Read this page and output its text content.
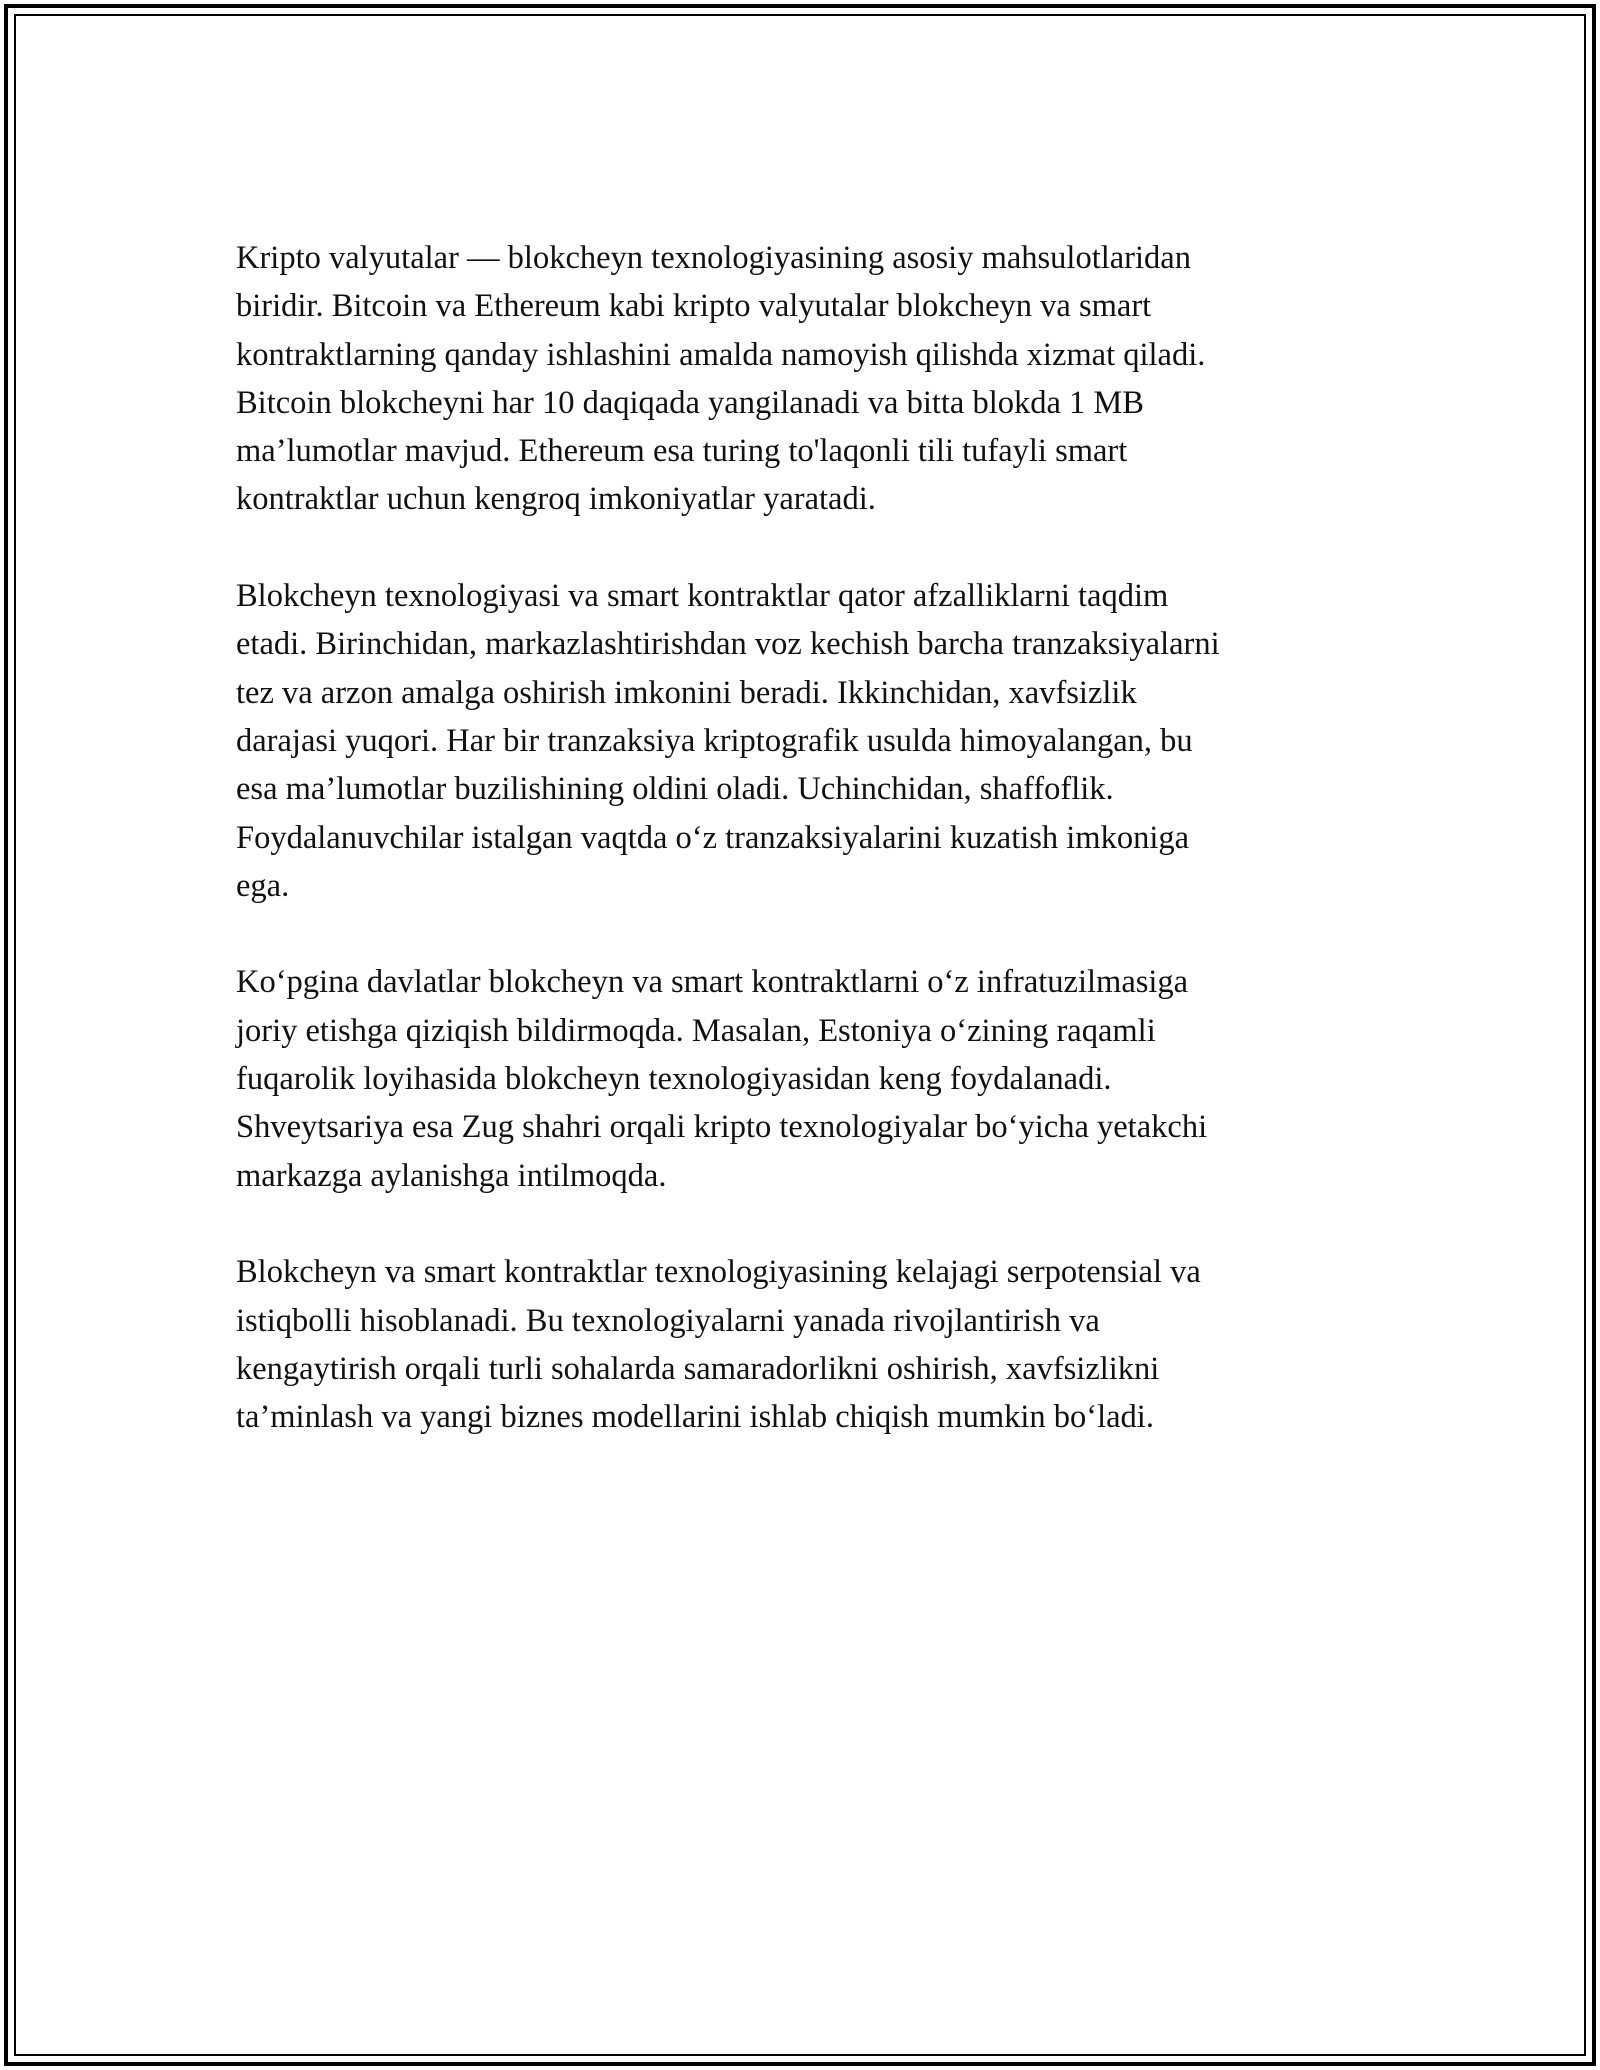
Kripto valyutalar — blokcheyn texnologiyasining asosiy mahsulotlaridan
biridir. Bitcoin va Ethereum kabi kripto valyutalar blokcheyn va smart
kontraktlarning qanday ishlashini amalda namoyish qilishda xizmat qiladi.
Bitcoin blokcheyni har 10 daqiqada yangilanadi va bitta blokda 1 MB
ma’lumotlar mavjud. Ethereum esa turing to'laqonli tili tufayli smart
kontraktlar uchun kengroq imkoniyatlar yaratadi.

Blokcheyn texnologiyasi va smart kontraktlar qator afzalliklarni taqdim
etadi. Birinchidan, markazlashtirishdan voz kechish barcha tranzaksiyalarni
tez va arzon amalga oshirish imkonini beradi. Ikkinchidan, xavfsizlik
darajasi yuqori. Har bir tranzaksiya kriptografik usulda himoyalangan, bu
esa ma’lumotlar buzilishining oldini oladi. Uchinchidan, shaffoflik.
Foydalanuvchilar istalgan vaqtda o‘z tranzaksiyalarini kuzatish imkoniga
ega.

Ko‘pgina davlatlar blokcheyn va smart kontraktlarni o‘z infratuzilmasiga
joriy etishga qiziqish bildirmoqda. Masalan, Estoniya o‘zining raqamli
fuqarolik loyihasida blokcheyn texnologiyasidan keng foydalanadi.
Shveytsariya esa Zug shahri orqali kripto texnologiyalar bo‘yicha yetakchi
markazga aylanishga intilmoqda.

Blokcheyn va smart kontraktlar texnologiyasining kelajagi serpotensial va
istiqbolli hisoblanadi. Bu texnologiyalarni yanada rivojlantirish va
kengaytirish orqali turli sohalarda samaradorlikni oshirish, xavfsizlikni
ta’minlash va yangi biznes modellarini ishlab chiqish mumkin bo‘ladi.
